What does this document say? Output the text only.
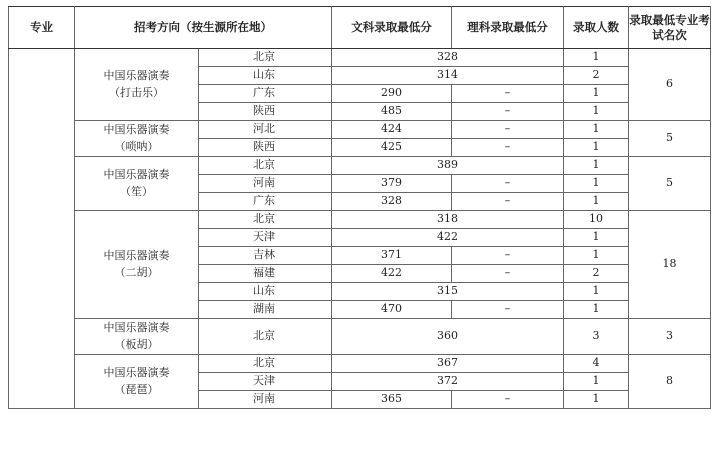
专业	招考方向（按生源所在地）		文科录取最低分	理科录取最低分	录取人数	录取最低专业考试名次

	中国乐器演奏
（打击乐）	北京	328		1	6
		山东	314		2	
		广东	290	–	1	
		陕西	485	–	1	

	中国乐器演奏
（唢呐）	河北	424	–	1	5
		陕西	425	–	1	

	中国乐器演奏
（笙）	北京	389		1	5
		河南	379	–	1	
		广东	328	–	1	

	中国乐器演奏
（二胡）	北京	318		10	18
		天津	422		1	
		吉林	371	–	1	
		福建	422	–	2	
		山东	315		1	
		湖南	470	–	1	

	中国乐器演奏
（板胡）	北京	360		3	3

	中国乐器演奏
（琵琶）	北京	367		4	8
		天津	372		1	
		河南	365	–	1	
